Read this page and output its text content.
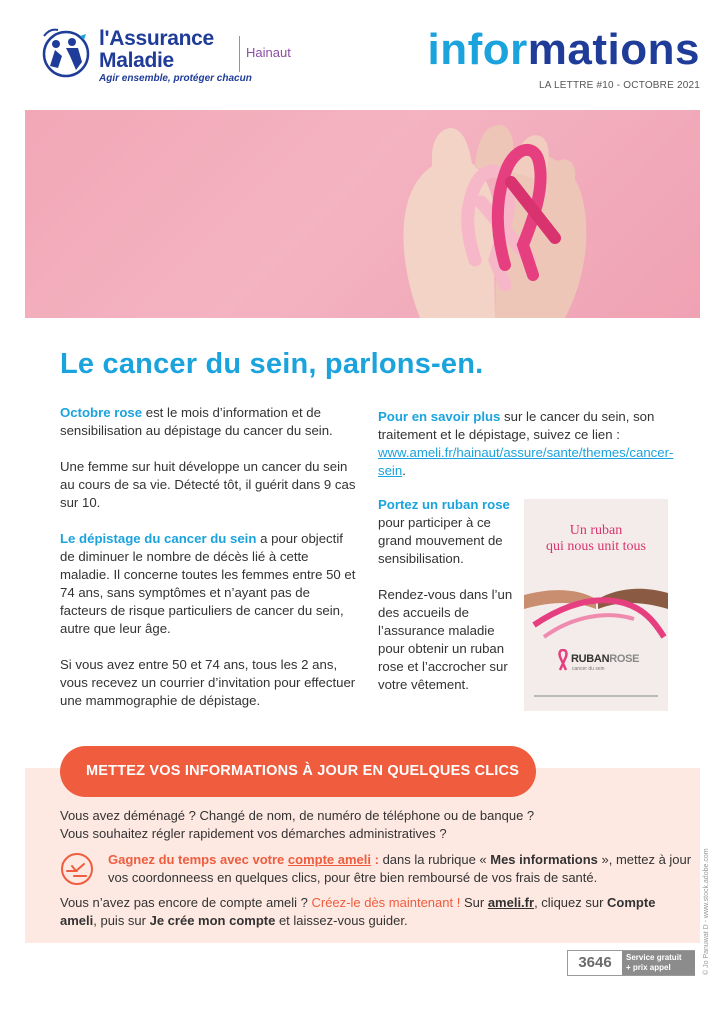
l'Assurance
Maladie
Agir ensemble, protéger chacun
Hainaut	informations
LA LETTRE #10 - OCTOBRE 2021
Le cancer du sein, parlons-en.

Octobre rose est le mois d’information et de sensibilisation au dépistage du cancer du sein.

Une femme sur huit développe un cancer du sein au cours de sa vie. Détecté tôt, il guérit dans 9 cas sur 10.

Le dépistage du cancer du sein a pour objectif de diminuer le nombre de décès lié à cette maladie. Il concerne toutes les femmes entre 50 et 74 ans, sans symptômes et n’ayant pas de facteurs de risque particuliers de cancer du sein, autre que leur âge.

Si vous avez entre 50 et 74 ans, tous les 2 ans, vous recevez un courrier d’invitation pour effectuer une mammographie de dépistage.

Pour en savoir plus sur le cancer du sein, son traitement et le dépistage, suivez ce lien : www.ameli.fr/hainaut/assure/sante/themes/cancer-sein.

Portez un ruban rose pour participer à ce grand mouvement de sensibilisation.

Rendez-vous dans l’un des accueils de l’assurance maladie pour obtenir un ruban rose et l’accrocher sur votre vêtement.

Un ruban
qui nous unit tous
RUBANROSE
cancer du sein
METTEZ VOS INFORMATIONS À JOUR EN QUELQUES CLICS
Vous avez déménagé ? Changé de nom, de numéro de téléphone ou de banque ?
Vous souhaitez régler rapidement vos démarches administratives ?
Gagnez du temps avec votre compte ameli : dans la rubrique « Mes informations », mettez à jour vos coordonneess en quelques clics, pour être bien remboursé de vos frais de santé.
Vous n’avez pas encore de compte ameli ? Créez-le dès maintenant ! Sur ameli.fr, cliquez sur Compte ameli, puis sur Je crée mon compte et laissez-vous guider.
3646	Service gratuit
+ prix appel	© Jo Panuwat D - www.stock.adobe.com
